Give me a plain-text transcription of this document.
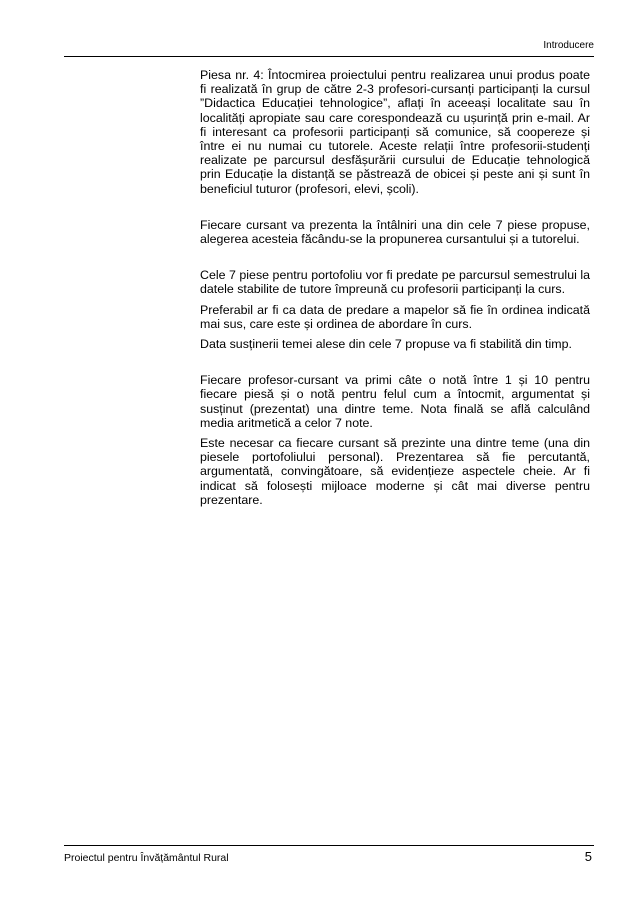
Introducere

Piesa nr. 4: Întocmirea proiectului pentru realizarea unui produs poate fi realizată în grup de către 2-3 profesori-cursanți participanți la cursul ”Didactica Educației tehnologice”, aflați în aceeași localitate sau în localități apropiate sau care corespondează cu ușurință prin e-mail. Ar fi interesant ca profesorii participanți să comunice, să coopereze și între ei nu numai cu tutorele. Aceste relații între profesorii-studenți realizate pe parcursul desfășurării cursului de Educație tehnologică prin Educație la distanță se păstrează de obicei și peste ani și sunt în beneficiul tuturor (profesori, elevi, școli).

Fiecare cursant va prezenta la întâlniri una din cele 7 piese propuse, alegerea acesteia făcându-se la propunerea cursantului și a tutorelui.

Cele 7 piese pentru portofoliu vor fi predate pe parcursul semestrului la datele stabilite de tutore împreună cu profesorii participanți la curs.

Preferabil ar fi ca data de predare a mapelor să fie în ordinea indicată mai sus, care este și ordinea de abordare în curs.

Data susținerii temei alese din cele 7 propuse va fi stabilită din timp.

Fiecare profesor-cursant va primi câte o notă între 1 și 10 pentru fiecare piesă și o notă pentru felul cum a întocmit, argumentat și susținut (prezentat) una dintre teme. Nota finală se află calculând media aritmetică a celor 7 note.

Este necesar ca fiecare cursant să prezinte una dintre teme (una din piesele portofoliului personal). Prezentarea să fie percutantă, argumentată, convingătoare, să evidențieze aspectele cheie. Ar fi indicat să folosești mijloace moderne și cât mai diverse pentru prezentare.

Proiectul pentru Învățământul Rural	5
